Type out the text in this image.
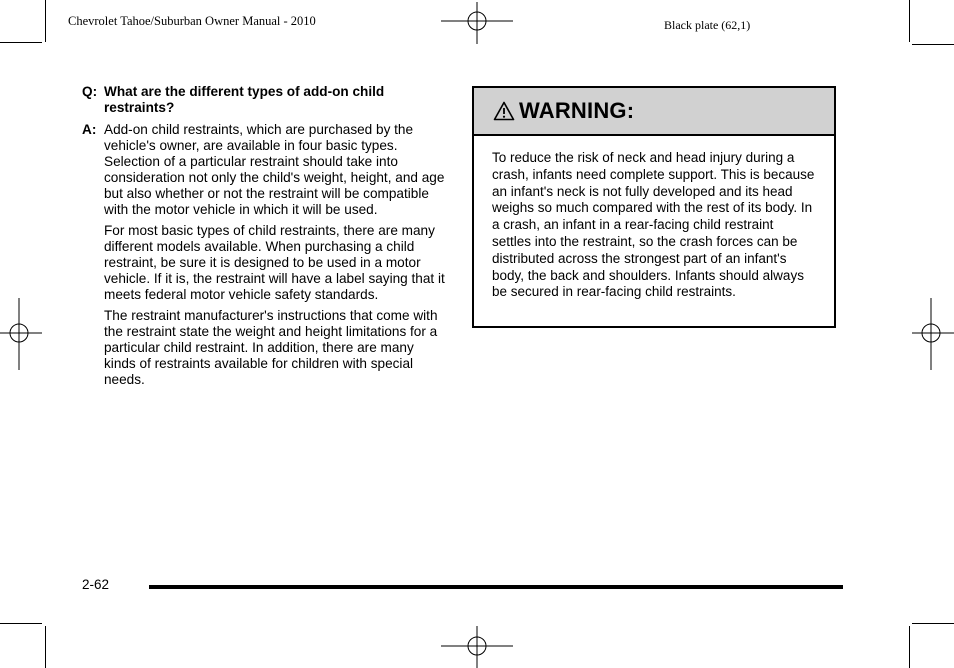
Chevrolet Tahoe/Suburban Owner Manual - 2010	Black plate (62,1)
Q: What are the different types of add-on child restraints?
A: Add-on child restraints, which are purchased by the vehicle's owner, are available in four basic types. Selection of a particular restraint should take into consideration not only the child's weight, height, and age but also whether or not the restraint will be compatible with the motor vehicle in which it will be used.
For most basic types of child restraints, there are many different models available. When purchasing a child restraint, be sure it is designed to be used in a motor vehicle. If it is, the restraint will have a label saying that it meets federal motor vehicle safety standards.
The restraint manufacturer's instructions that come with the restraint state the weight and height limitations for a particular child restraint. In addition, there are many kinds of restraints available for children with special needs.
WARNING:
To reduce the risk of neck and head injury during a crash, infants need complete support. This is because an infant's neck is not fully developed and its head weighs so much compared with the rest of its body. In a crash, an infant in a rear-facing child restraint settles into the restraint, so the crash forces can be distributed across the strongest part of an infant's body, the back and shoulders. Infants should always be secured in rear-facing child restraints.
2-62
